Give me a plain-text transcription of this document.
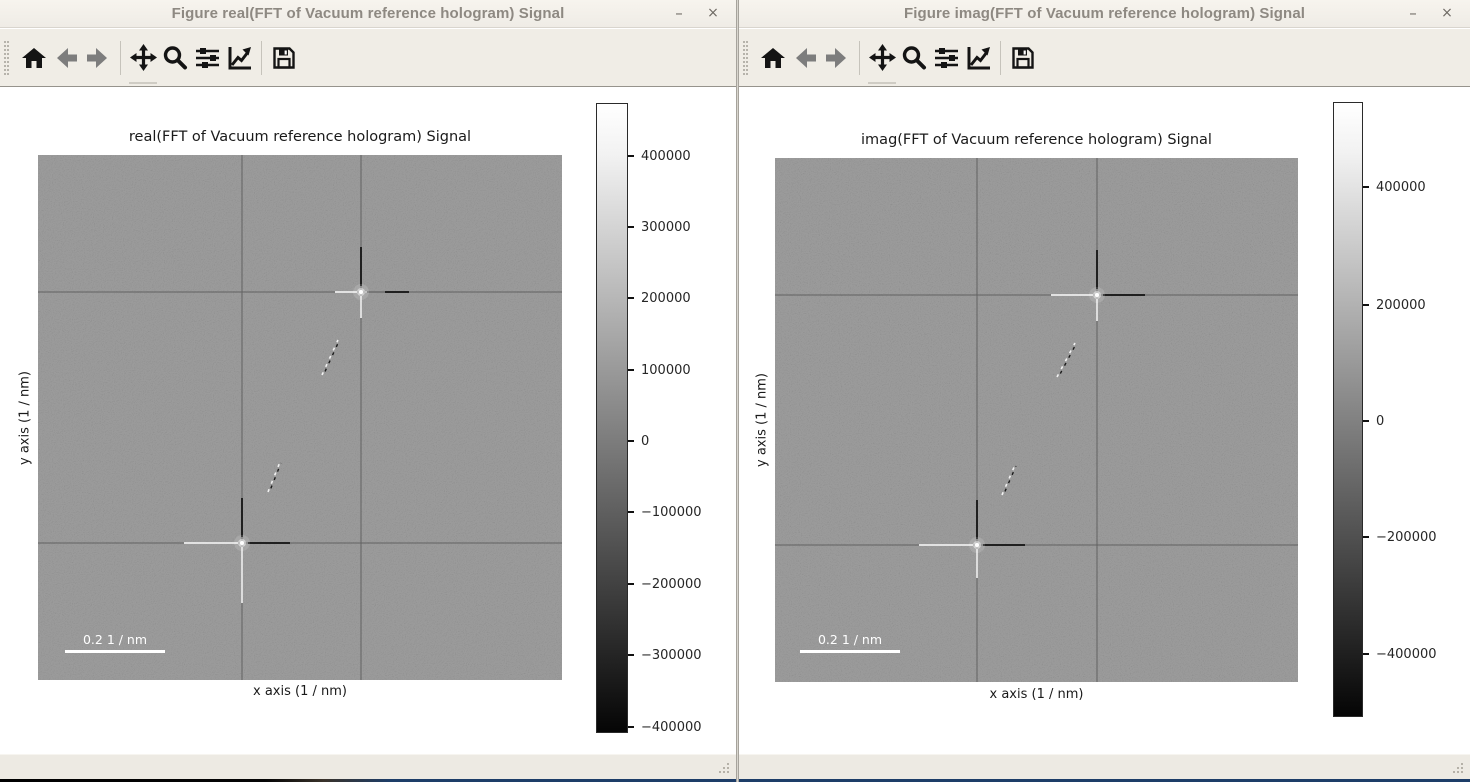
Figure real(FFT of Vacuum reference hologram) Signal	–	×
real(FFT of Vacuum reference hologram) Signal
0.2 1 / nm
x axis (1 / nm)
y axis (1 / nm)
400000
300000
200000
100000
0
−100000
−200000
−300000
−400000
Figure imag(FFT of Vacuum reference hologram) Signal	–	×
imag(FFT of Vacuum reference hologram) Signal
0.2 1 / nm
x axis (1 / nm)
y axis (1 / nm)
400000
200000
0
−200000
−400000
